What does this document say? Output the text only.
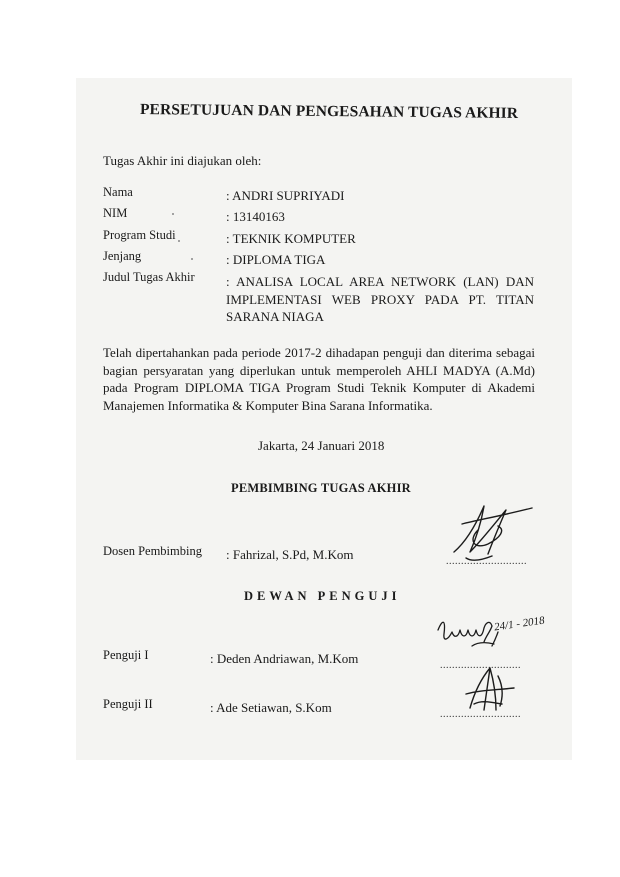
PERSETUJUAN DAN PENGESAHAN TUGAS AKHIR
Tugas Akhir ini diajukan oleh:
Nama	: ANDRI SUPRIYADI
NIM	: 13140163
Program Studi	: TEKNIK KOMPUTER
Jenjang	: DIPLOMA TIGA
Judul Tugas Akhir : ANALISA LOCAL AREA NETWORK (LAN) DAN IMPLEMENTASI WEB PROXY PADA PT. TITAN SARANA NIAGA
Telah dipertahankan pada periode 2017-2 dihadapan penguji dan diterima sebagai bagian persyaratan yang diperlukan untuk memperoleh AHLI MADYA (A.Md) pada Program DIPLOMA TIGA Program Studi Teknik Komputer di Akademi Manajemen Informatika & Komputer Bina Sarana Informatika.
Jakarta, 24 Januari 2018
PEMBIMBING TUGAS AKHIR
Dosen Pembimbing : Fahrizal, S.Pd, M.Kom	...........................
DEWAN PENGUJI
Penguji I	: Deden Andriawan, M.Kom	...........................
Penguji II	: Ade Setiawan, S.Kom	...........................
24/1 - 2018
